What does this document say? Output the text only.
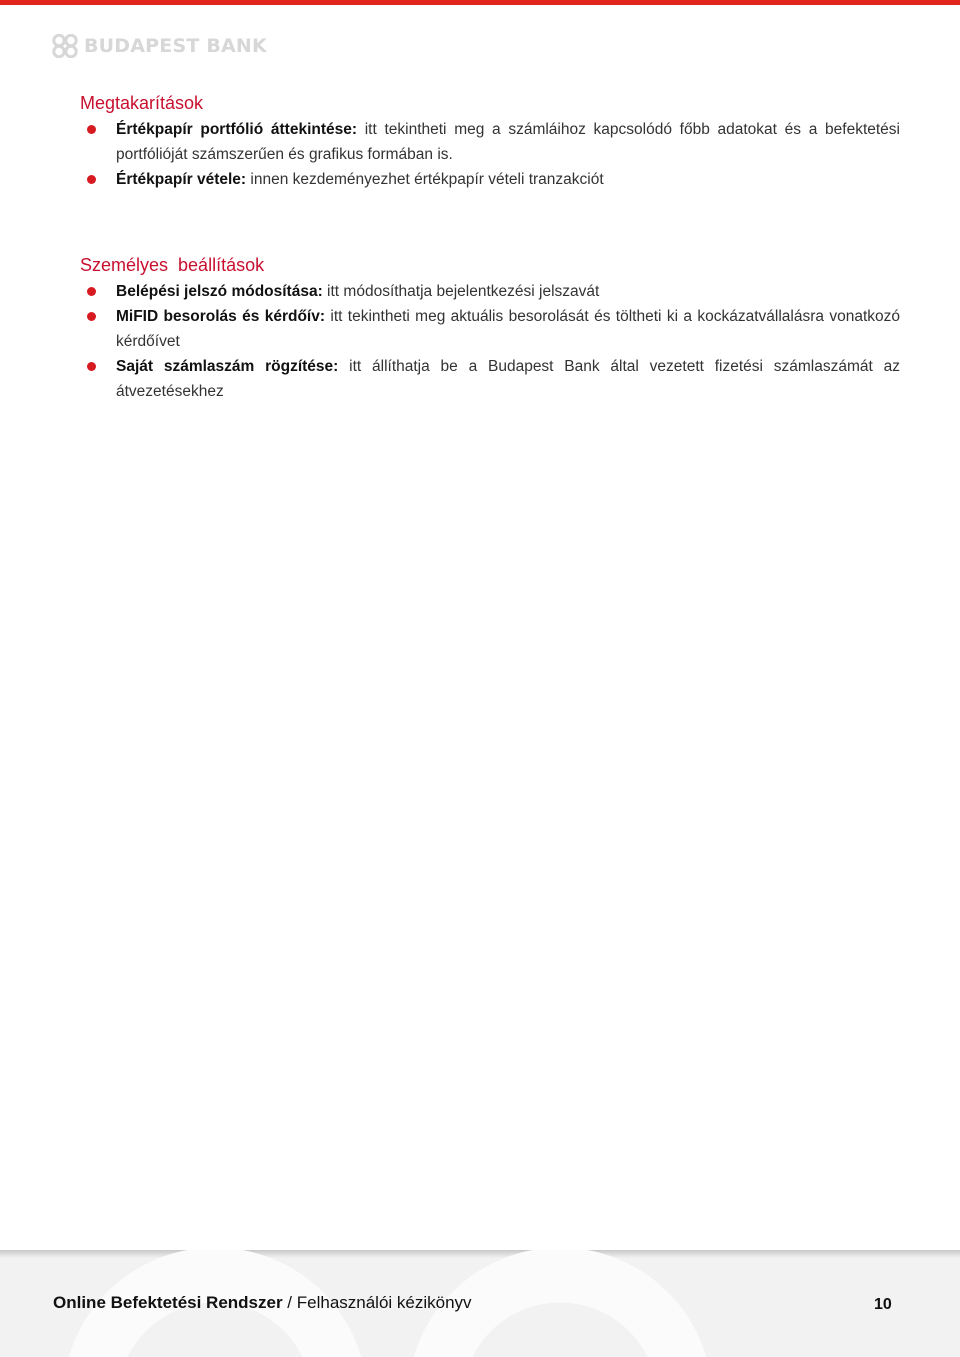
BUDAPEST BANK
Megtakarítások
Értékpapír portfólió áttekintése: itt tekintheti meg a számláihoz kapcsolódó főbb adatokat és a befektetési portfólióját számszerűen és grafikus formában is.
Értékpapír vétele: innen kezdeményezhet értékpapír vételi tranzakciót
Személyes  beállítások
Belépési jelszó módosítása: itt módosíthatja bejelentkezési jelszavát
MiFID besorolás és kérdőív: itt tekintheti meg aktuális besorolását és töltheti ki a kockázatvállalásra vonatkozó kérdőívet
Saját számlaszám rögzítése: itt állíthatja be a Budapest Bank által vezetett fizetési számlaszámát az átvezetésekhez
Online Befektetési Rendszer / Felhasználói kézikönyv	10
